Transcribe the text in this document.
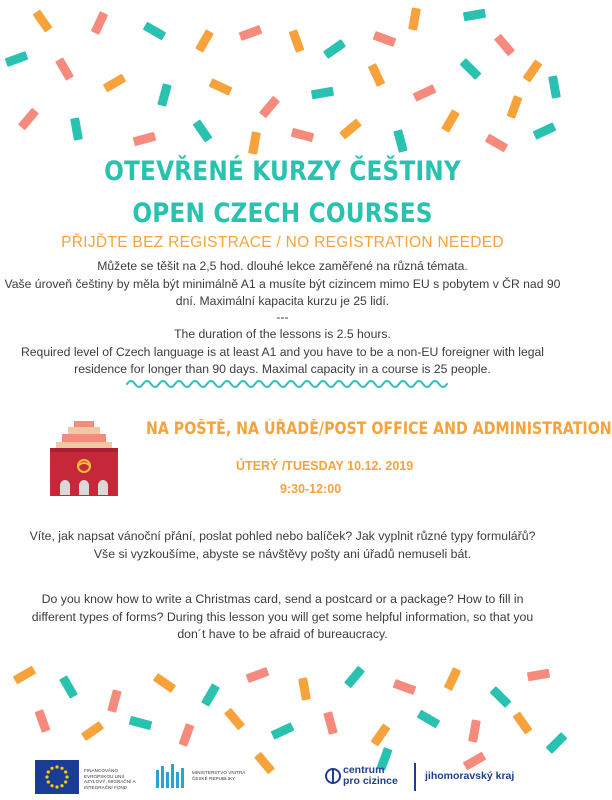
OTEVŘENÉ KURZY ČEŠTINY
OPEN CZECH COURSES
PŘIJĎTE BEZ REGISTRACE / NO REGISTRATION NEEDED
Můžete se těšit na 2,5 hod. dlouhé lekce zaměřené na různá témata.
Vaše úroveň češtiny by měla být minimálně A1 a musíte být cizincem mimo EU s pobytem v ČR nad 90 dní. Maximální kapacita kurzu je 25 lidí.
---
The duration of the lessons is 2.5 hours.
Required level of Czech language is at least A1 and you have to be a non-EU foreigner with legal residence for longer than 90 days. Maximal capacity in a course is 25 people.
NA POŠTĚ, NA ÚŘADĚ/POST OFFICE AND ADMINISTRATION
ÚTERÝ /TUESDAY 10.12. 2019
9:30-12:00
Víte, jak napsat vánoční přání, poslat pohled nebo balíček? Jak vyplnit různé typy formulářů? Vše si vyzkoušíme, abyste se návštěvy pošty ani úřadů nemuseli bát.
Do you know how to write a Christmas card, send a postcard or a package? How to fill in different types of forms? During this lesson you will get some helpful information, so that you don´t have to be afraid of bureaucracy.
FINANCOVÁNO EVROPSKOU UNIÍ AZYLOVÝ, MIGRAČNÍ A INTEGRAČNÍ FOND
MINISTERSTVO VNITRA ČESKÉ REPUBLIKY
centrum
pro cizince	jihomoravský kraj
